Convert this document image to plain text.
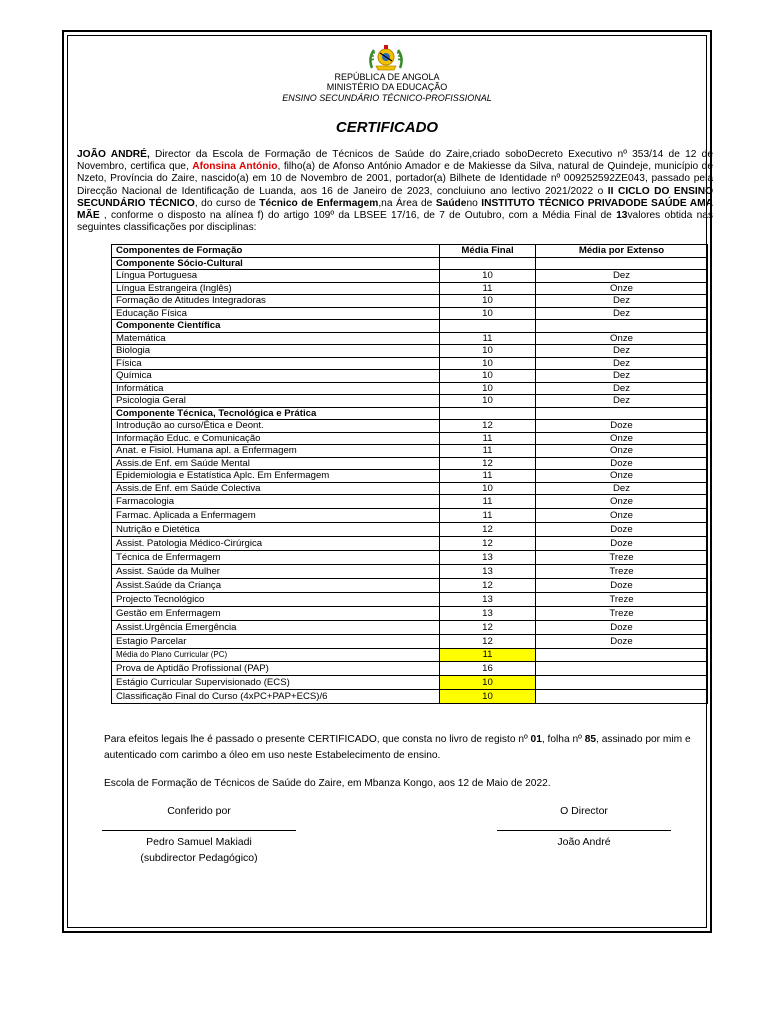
REPÚBLICA DE ANGOLA
MINISTÉRIO DA EDUCAÇÃO
ENSINO SECUNDÁRIO TÉCNICO-PROFISSIONAL
CERTIFICADO
JOÃO ANDRÉ, Director da Escola de Formação de Técnicos de Saúde do Zaire,criado soboDecreto Executivo nº 353/14 de 12 de Novembro, certifica que, Afonsina António, filho(a) de Afonso António Amador e de Makiesse da Silva, natural de Quindeje, município de Nzeto, Província do Zaire, nascido(a) em 10 de Novembro de 2001, portador(a) Bilhete de Identidade nº 009252592ZE043, passado pela Direcção Nacional de Identificação de Luanda, aos 16 de Janeiro de 2023, concluiuno ano lectivo 2021/2022 o II CICLO DO ENSINO SECUNDÁRIO TÉCNICO, do curso de Técnico de Enfermagem,na Área de Saúdeno INSTITUTO TÉCNICO PRIVADODE SAÚDE AMA MÃE , conforme o disposto na alínea f) do artigo 109º da LBSEE 17/16, de 7 de Outubro, com a Média Final de 13valores obtida nas seguintes classificações por disciplinas:
Componentes de Formação	Média Final	Média por Extenso
Componente Sócio-Cultural		
Língua Portuguesa	10	Dez
Língua Estrangeira (Inglês)	11	Onze
Formação de Atitudes Integradoras	10	Dez
Educação Física	10	Dez
Componente Científica		
Matemática	11	Onze
Biologia	10	Dez
Física	10	Dez
Química	10	Dez
Informática	10	Dez
Psicologia Geral	10	Dez
Componente Técnica, Tecnológica e Prática		
Introdução ao curso/Ética e Deont.	12	Doze
Informação Educ. e Comunicação	11	Onze
Anat. e Fisiol. Humana apl. a Enfermagem	11	Onze
Assis.de Enf. em Saúde Mental	12	Doze
Epidemiologia e Estatística Aplc. Em Enfermagem	11	Onze
Assis.de Enf. em Saúde Colectiva	10	Dez
Farmacologia	11	Onze
Farmac. Aplicada a Enfermagem	11	Onze
Nutrição e Dietética	12	Doze
Assist. Patologia Médico-Cirúrgica	12	Doze
Técnica de Enfermagem	13	Treze
Assist. Saúde da Mulher	13	Treze
Assist.Saúde da Criança	12	Doze
Projecto Tecnológico	13	Treze
Gestão em Enfermagem	13	Treze
Assist.Urgência Emergência	12	Doze
Estagio Parcelar	12	Doze
Média do Plano Curricular (PC)	11	
Prova de Aptidão Profissional (PAP)	16	
Estágio Curricular Supervisionado (ECS)	10	
Classificação Final do Curso (4xPC+PAP+ECS)/6	10	
Para efeitos legais lhe é passado o presente CERTIFICADO, que consta no livro de registo nº 01, folha nº 85, assinado por mim e autenticado com carimbo a óleo em uso neste Estabelecimento de ensino.
Escola de Formação de Técnicos de Saúde do Zaire, em Mbanza Kongo, aos 12 de Maio de 2022.
Conferido por
Pedro Samuel Makiadi
(subdirector Pedagógico)
O Director
João André
